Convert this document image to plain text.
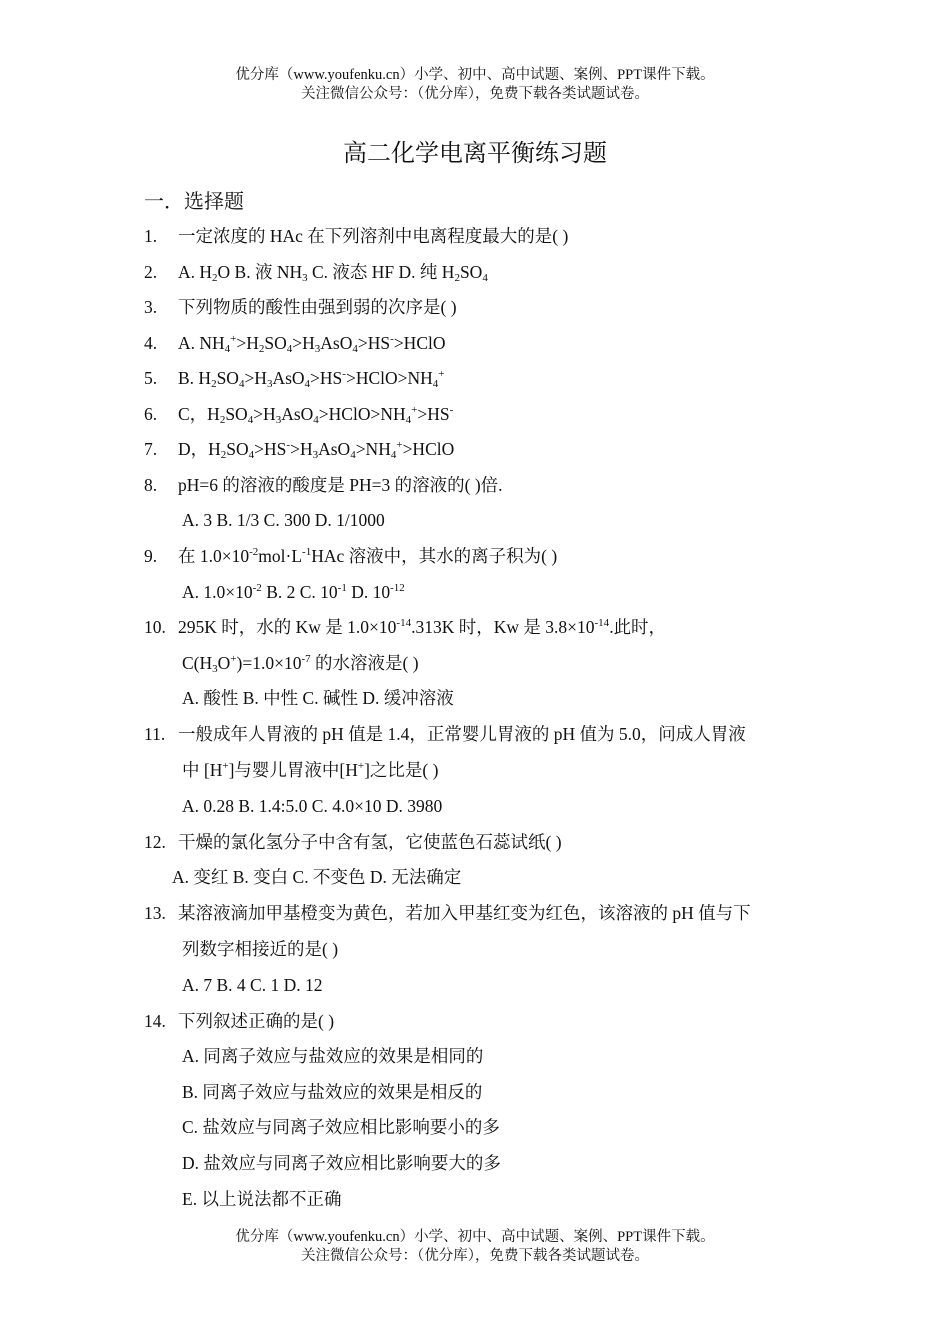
优分库（www.youfenku.cn）小学、初中、高中试题、案例、PPT课件下载。
关注微信公众号：（优分库），免费下载各类试题试卷。
高二化学电离平衡练习题
一．选择题
1. 一定浓度的 HAc 在下列溶剂中电离程度最大的是( )
2. A. $H_2O$ B. 液 $NH_3$ C. 液态 HF D. 纯 $H_2SO_4$
3. 下列物质的酸性由强到弱的次序是( )
4. A. $NH_4^+>H_2SO_4>H_3AsO_4>HS^->HClO$
5. B. $H_2SO_4>H_3AsO_4>HS^->HClO>NH_4^+$
6. C，$H_2SO_4>H_3AsO_4>HClO>NH_4^+>HS^-$
7. D，$H_2SO_4>HS^->H_3AsO_4>NH_4^+>HClO$
8. pH=6 的溶液的酸度是 PH=3 的溶液的( )倍.
A. 3 B. 1/3 C. 300 D. 1/1000
9. 在 $1.0\times 10^{-2}mol\cdot L^{-1}HAc$ 溶液中，其水的离子积为( )
A. $1.0\times 10^{-2}$ B. 2 C. $10^{-1}$ D. $10^{-12}$
10. 295K 时，水的 Kw 是 $1.0\times 10^{-14}.313K$ 时，Kw 是 $3.8\times 10^{-14}$.此时，
$C(H_3O^+)=1.0\times 10^{-7}$ 的水溶液是( )
A. 酸性 B. 中性 C. 碱性 D. 缓冲溶液
11. 一般成年人胃液的 pH 值是 1.4，正常婴儿胃液的 pH 值为 5.0，问成人胃液
中 [H+]与婴儿胃液中[H+]之比是( )
A. 0.28 B. 1.4:5.0 C. 4.0×10 D. 3980
12. 干燥的氯化氢分子中含有氢，它使蓝色石蕊试纸( )
A. 变红 B. 变白 C. 不变色 D. 无法确定
13. 某溶液滴加甲基橙变为黄色，若加入甲基红变为红色，该溶液的 pH 值与下
列数字相接近的是( )
A. 7 B. 4 C. 1 D. 12
14. 下列叙述正确的是( )
A. 同离子效应与盐效应的效果是相同的
B. 同离子效应与盐效应的效果是相反的
C. 盐效应与同离子效应相比影响要小的多
D. 盐效应与同离子效应相比影响要大的多
E. 以上说法都不正确
优分库（www.youfenku.cn）小学、初中、高中试题、案例、PPT课件下载。
关注微信公众号：（优分库），免费下载各类试题试卷。
